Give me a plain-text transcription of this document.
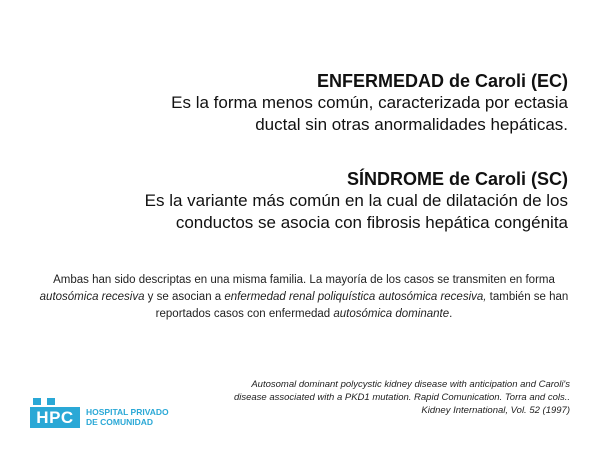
ENFERMEDAD de Caroli (EC)
Es la forma menos común, caracterizada por ectasia
ductal sin otras anormalidades hepáticas.
SÍNDROME de Caroli (SC)
Es la variante más común en la cual de dilatación de los
conductos se asocia con fibrosis hepática congénita
Ambas han sido descriptas en una misma familia. La mayoría de los casos se transmiten en forma autosómica recesiva y se asocian a enfermedad renal poliquística autosómica recesiva, también se han reportados casos con enfermedad autosómica dominante.
Autosomal dominant polycystic kidney disease with anticipation and Caroli's
disease associated with a PKD1 mutation. Rapid Comunication. Torra and cols..
Kidney International, Vol. 52 (1997)
HPC	HOSPITAL PRIVADO
DE COMUNIDAD
